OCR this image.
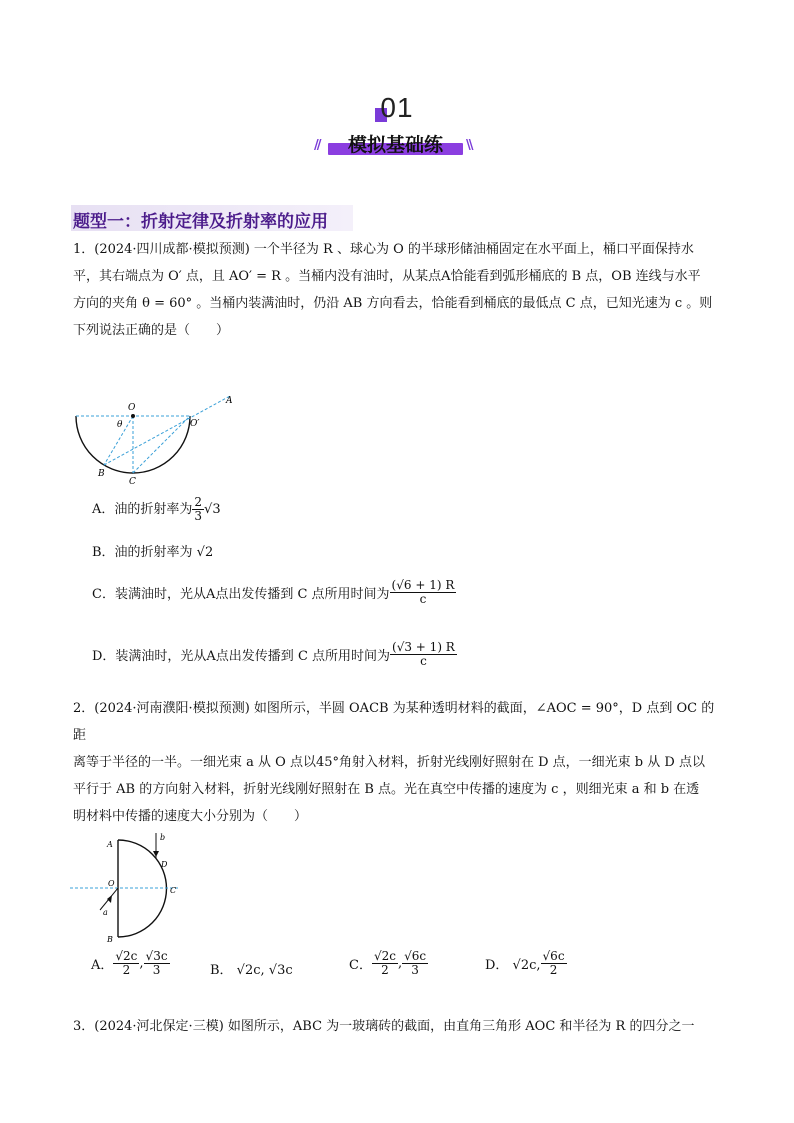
01
//	模拟基础练	\\
题型一：折射定律及折射率的应用
1．(2024·四川成都·模拟预测) 一个半径为 R 、球心为 O 的半球形储油桶固定在水平面上，桶口平面保持水
平，其右端点为 O′ 点，且 AO′ = R 。当桶内没有油时，从某点A恰能看到弧形桶底的 B 点，OB 连线与水平
方向的夹角 θ = 60° 。当桶内装满油时，仍沿 AB 方向看去，恰能看到桶底的最低点 C 点，已知光速为 c 。则
下列说法正确的是（　　）
O
θ	O′
A
B
C
A．油的折射率为 $\frac{2}{3} √3$
B．油的折射率为 √2
C．装满油时，光从A点出发传播到 C 点所用时间为 $\frac{(√6 + 1) R}{c}$
D．装满油时，光从A点出发传播到 C 点所用时间为 $\frac{(√3 + 1) R}{c}$
2．(2024·河南濮阳·模拟预测) 如图所示，半圆 OACB 为某种透明材料的截面，∠AOC = 90°，D 点到 OC 的距
离等于半径的一半。一细光束 a 从 O 点以45°角射入材料，折射光线刚好照射在 D 点，一细光束 b 从 D 点以
平行于 AB 的方向射入材料，折射光线刚好照射在 B 点。光在真空中传播的速度为 c ，则细光束 a 和 b 在透
明材料中传播的速度大小分别为（　　）
A
b
D
O
C
a
B
A． $\frac{√2c}{2}$ , $\frac{√3c}{3}$	B． √2c, √3c	C． $\frac{√2c}{2}$ , $\frac{√6c}{3}$	D． √2c, $\frac{√6c}{2}$
3．(2024·河北保定·三模) 如图所示，ABC 为一玻璃砖的截面，由直角三角形 AOC 和半径为 R 的四分之一
